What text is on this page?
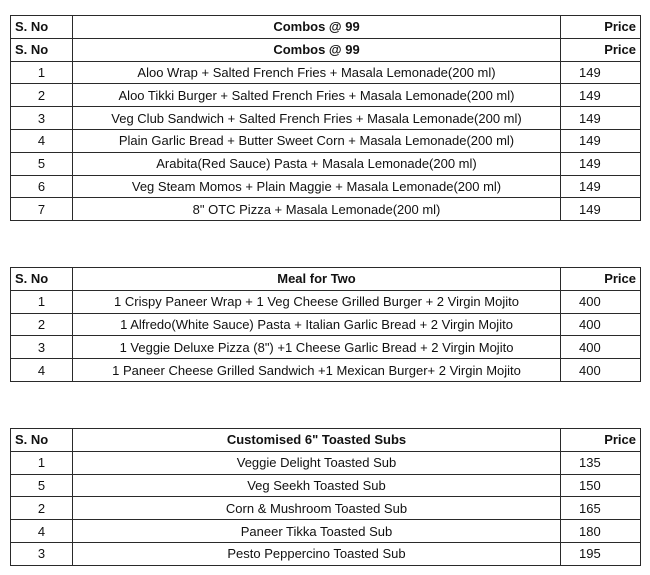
S. No	Combos @ 99	Price
S. No	Combos @ 99	Price
1	Aloo Wrap + Salted French Fries + Masala Lemonade(200 ml)	149
2	Aloo Tikki Burger + Salted French Fries + Masala Lemonade(200 ml)	149
3	Veg Club Sandwich + Salted French Fries + Masala Lemonade(200 ml)	149
4	Plain Garlic Bread + Butter Sweet Corn + Masala Lemonade(200 ml)	149
5	Arabita(Red Sauce) Pasta + Masala Lemonade(200 ml)	149
6	Veg Steam Momos + Plain Maggie + Masala Lemonade(200 ml)	149
7	8" OTC Pizza + Masala Lemonade(200 ml)	149
S. No	Meal for Two	Price
1	1 Crispy Paneer Wrap + 1 Veg Cheese Grilled Burger + 2 Virgin Mojito	400
2	1 Alfredo(White Sauce) Pasta + Italian Garlic Bread + 2 Virgin Mojito	400
3	1 Veggie Deluxe Pizza (8") +1 Cheese Garlic Bread + 2 Virgin Mojito	400
4	1 Paneer Cheese Grilled Sandwich +1 Mexican Burger+ 2 Virgin Mojito	400
S. No	Customised 6" Toasted Subs	Price
1	Veggie Delight Toasted Sub	135
5	Veg Seekh Toasted Sub	150
2	Corn & Mushroom Toasted Sub	165
4	Paneer Tikka Toasted Sub	180
3	Pesto Peppercino Toasted Sub	195
